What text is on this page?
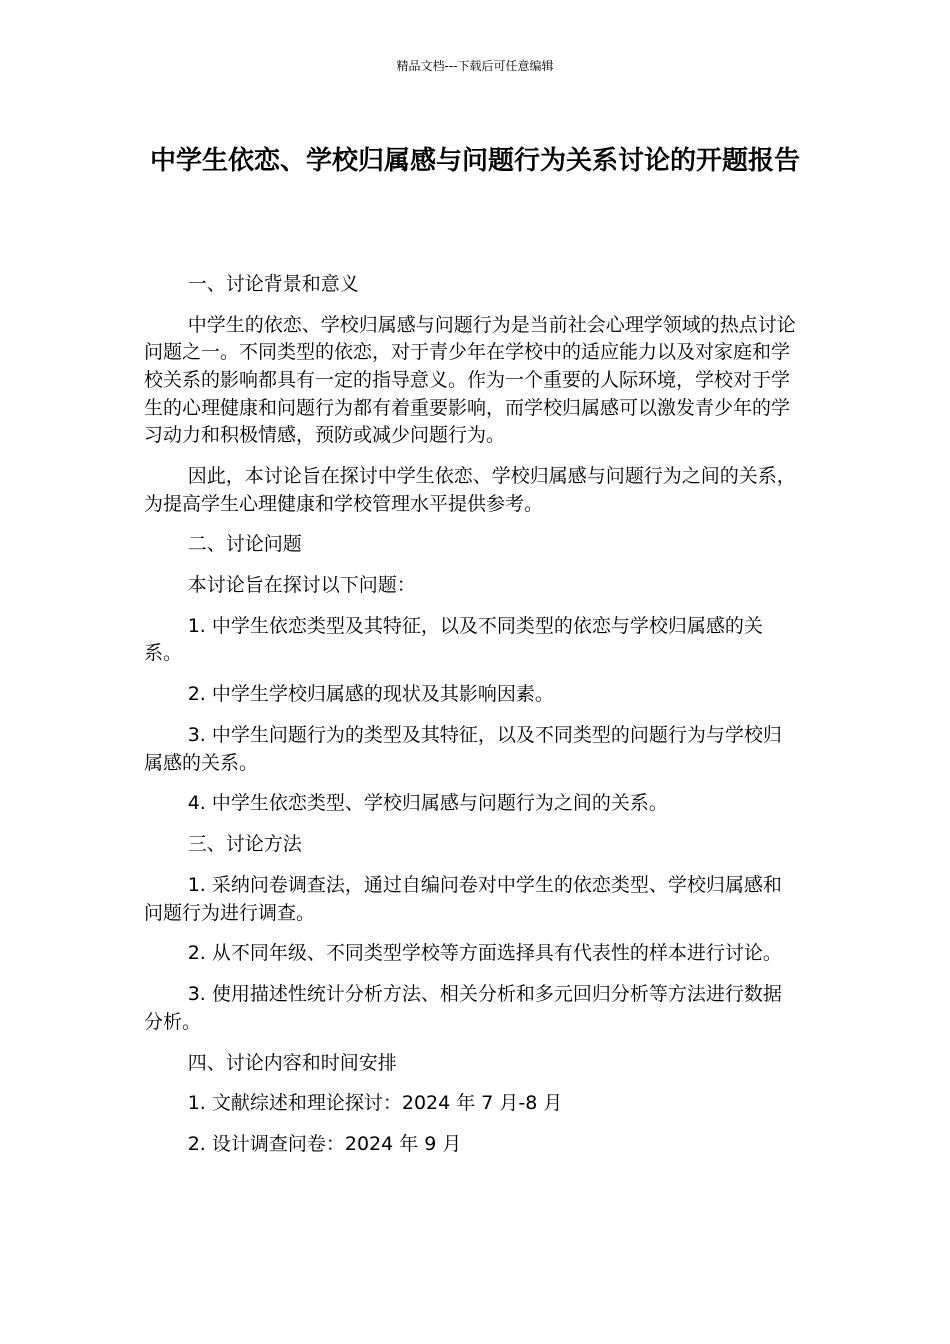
精品文档---下载后可任意编辑
中学生依恋、学校归属感与问题行为关系讨论的开题报告

一、讨论背景和意义

中学生的依恋、学校归属感与问题行为是当前社会心理学领域的热点讨论问题之一。不同类型的依恋，对于青少年在学校中的适应能力以及对家庭和学校关系的影响都具有一定的指导意义。作为一个重要的人际环境，学校对于学生的心理健康和问题行为都有着重要影响，而学校归属感可以激发青少年的学习动力和积极情感，预防或减少问题行为。

因此，本讨论旨在探讨中学生依恋、学校归属感与问题行为之间的关系，为提高学生心理健康和学校管理水平提供参考。

二、讨论问题

本讨论旨在探讨以下问题：

1. 中学生依恋类型及其特征，以及不同类型的依恋与学校归属感的关系。

2. 中学生学校归属感的现状及其影响因素。

3. 中学生问题行为的类型及其特征，以及不同类型的问题行为与学校归属感的关系。

4. 中学生依恋类型、学校归属感与问题行为之间的关系。

三、讨论方法

1. 采纳问卷调查法，通过自编问卷对中学生的依恋类型、学校归属感和问题行为进行调查。

2. 从不同年级、不同类型学校等方面选择具有代表性的样本进行讨论。

3. 使用描述性统计分析方法、相关分析和多元回归分析等方法进行数据分析。

四、讨论内容和时间安排

1. 文献综述和理论探讨：2024 年 7 月-8 月

2. 设计调查问卷：2024 年 9 月
